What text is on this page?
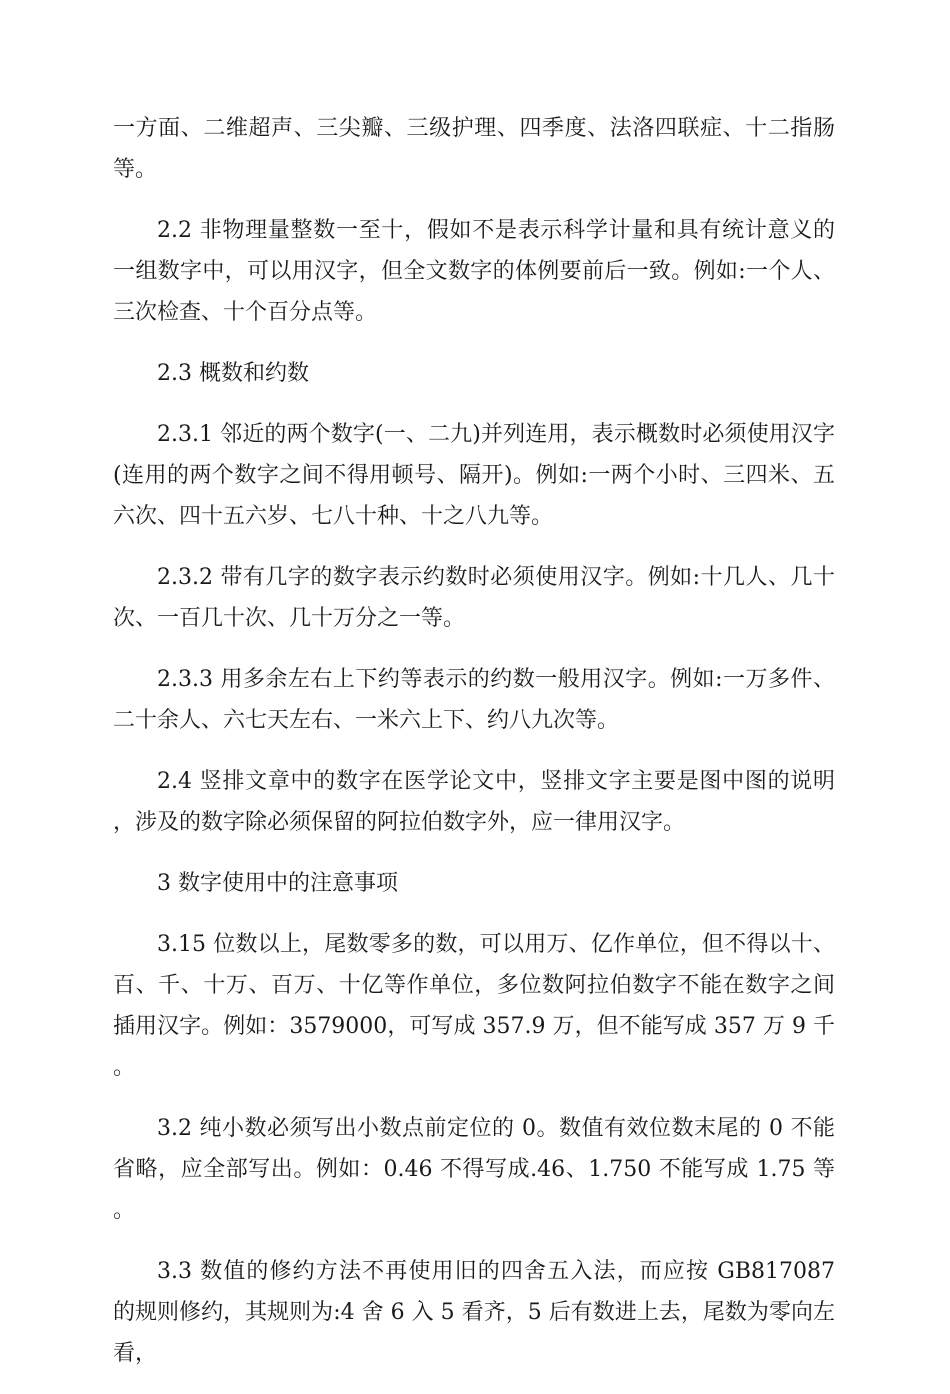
一方面、二维超声、三尖瓣、三级护理、四季度、法洛四联症、十二指肠等。

2.2 非物理量整数一至十，假如不是表示科学计量和具有统计意义的一组数字中，可以用汉字，但全文数字的体例要前后一致。例如:一个人、三次检查、十个百分点等。

2.3 概数和约数

2.3.1 邻近的两个数字(一、二九)并列连用，表示概数时必须使用汉字(连用的两个数字之间不得用顿号、隔开)。例如:一两个小时、三四米、五六次、四十五六岁、七八十种、十之八九等。

2.3.2 带有几字的数字表示约数时必须使用汉字。例如:十几人、几十次、一百几十次、几十万分之一等。

2.3.3 用多余左右上下约等表示的约数一般用汉字。例如:一万多件、二十余人、六七天左右、一米六上下、约八九次等。

2.4 竖排文章中的数字在医学论文中，竖排文字主要是图中图的说明，涉及的数字除必须保留的阿拉伯数字外，应一律用汉字。

3 数字使用中的注意事项

3.15 位数以上，尾数零多的数，可以用万、亿作单位，但不得以十、百、千、十万、百万、十亿等作单位，多位数阿拉伯数字不能在数字之间插用汉字。例如：3579000，可写成 357.9 万，但不能写成 357 万 9 千。

3.2 纯小数必须写出小数点前定位的 0。数值有效位数末尾的 0 不能省略，应全部写出。例如：0.46 不得写成.46、1.750 不能写成 1.75 等。

3.3 数值的修约方法不再使用旧的四舍五入法，而应按 GB817087 的规则修约，其规则为:4 舍 6 入 5 看齐，5 后有数进上去，尾数为零向左看，
